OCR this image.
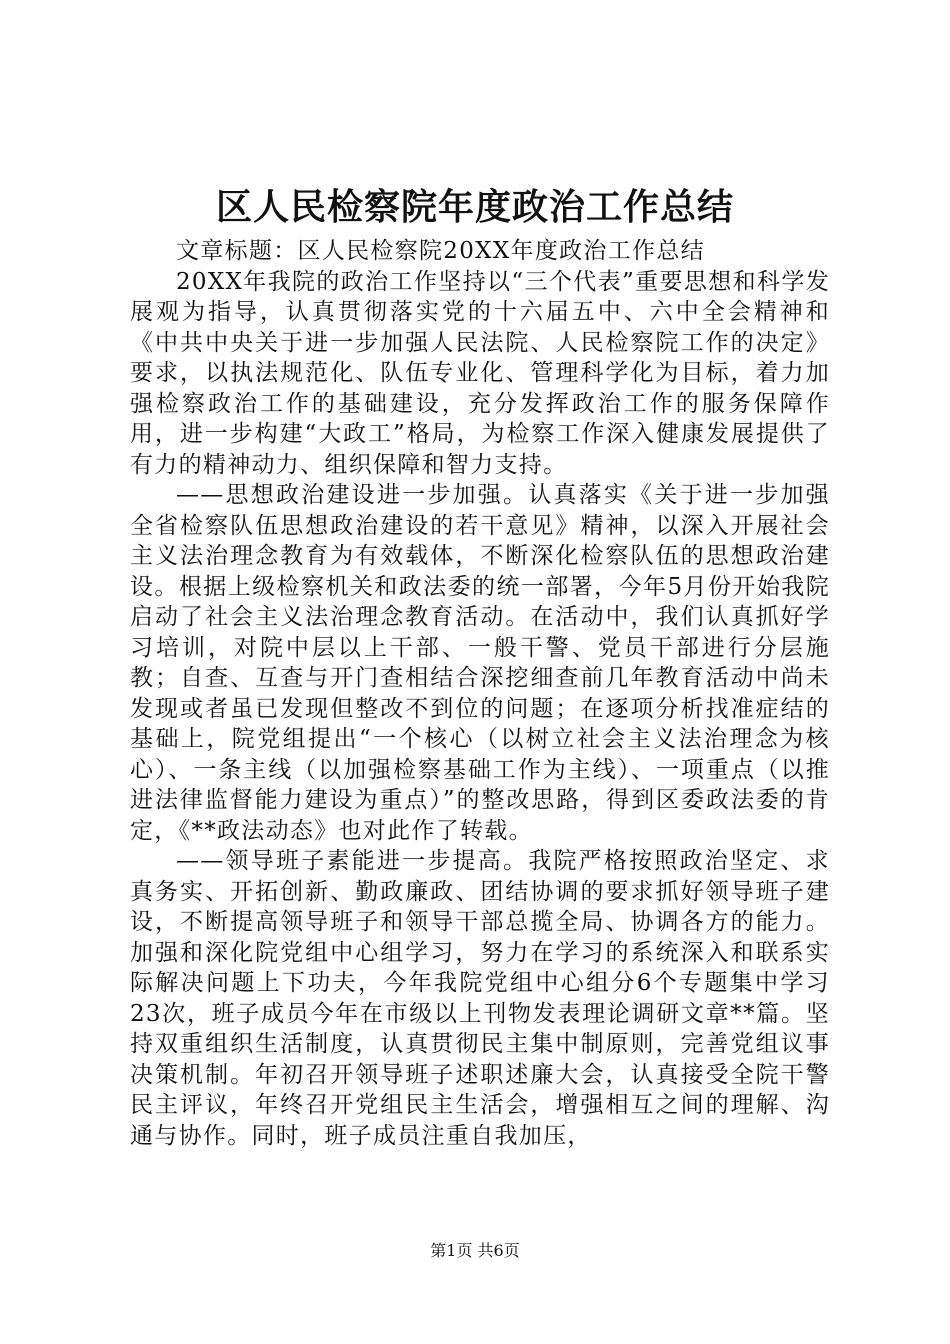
区人民检察院年度政治工作总结

文章标题：区人民检察院20XX年度政治工作总结

20XX年我院的政治工作坚持以“三个代表”重要思想和科学发展观为指导，认真贯彻落实党的十六届五中、六中全会精神和《中共中央关于进一步加强人民法院、人民检察院工作的决定》要求，以执法规范化、队伍专业化、管理科学化为目标，着力加强检察政治工作的基础建设，充分发挥政治工作的服务保障作用，进一步构建“大政工”格局，为检察工作深入健康发展提供了有力的精神动力、组织保障和智力支持。

——思想政治建设进一步加强。认真落实《关于进一步加强全省检察队伍思想政治建设的若干意见》精神，以深入开展社会主义法治理念教育为有效载体，不断深化检察队伍的思想政治建设。根据上级检察机关和政法委的统一部署，今年5月份开始我院启动了社会主义法治理念教育活动。在活动中，我们认真抓好学习培训，对院中层以上干部、一般干警、党员干部进行分层施教；自查、互查与开门查相结合深挖细查前几年教育活动中尚未发现或者虽已发现但整改不到位的问题；在逐项分析找准症结的基础上，院党组提出“一个核心（以树立社会主义法治理念为核心）、一条主线（以加强检察基础工作为主线）、一项重点（以推进法律监督能力建设为重点）”的整改思路，得到区委政法委的肯定，《**政法动态》也对此作了转载。

——领导班子素能进一步提高。我院严格按照政治坚定、求真务实、开拓创新、勤政廉政、团结协调的要求抓好领导班子建设，不断提高领导班子和领导干部总揽全局、协调各方的能力。加强和深化院党组中心组学习，努力在学习的系统深入和联系实际解决问题上下功夫，今年我院党组中心组分6个专题集中学习23次，班子成员今年在市级以上刊物发表理论调研文章**篇。坚持双重组织生活制度，认真贯彻民主集中制原则，完善党组议事决策机制。年初召开领导班子述职述廉大会，认真接受全院干警民主评议，年终召开党组民主生活会，增强相互之间的理解、沟通与协作。同时，班子成员注重自我加压，

第1页 共6页
